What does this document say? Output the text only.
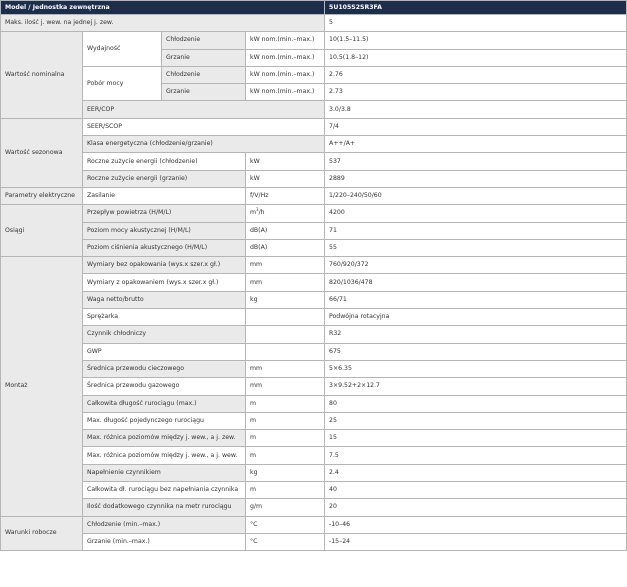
Model / Jednostka zewnętrzna				5U105S2SR3FA
Maks. ilość j. wew. na jednej j. zew.				5
Wartość nominalna	Wydajność	Chłodzenie	kW nom.(min.–max.)	10(1.5–11.5)
		Grzanie	kW nom.(min.–max.)	10.5(1.8–12)
	Pobór mocy	Chłodzenie	kW nom.(min.–max.)	2.76
		Grzanie	kW nom.(min.–max.)	2.73
	EER/COP			3.0/3.8
Wartość sezonowa	SEER/SCOP			7/4
	Klasa energetyczna (chłodzenie/grzanie)			A++/A+
	Roczne zużycie energii (chłodzenie)		kW	537
	Roczne zużycie energii (grzanie)		kW	2889
Parametry elektryczne	Zasilanie		f/V/Hz	1/220–240/50/60
Osiągi	Przepływ powietrza (H/M/L)		$m^3/h$	4200
	Poziom mocy akustycznej (H/M/L)		dB(A)	71
	Poziom ciśnienia akustycznego (H/M/L)		dB(A)	55
Montaż	Wymiary bez opakowania (wys.x szer.x gł.)		mm	760/920/372
	Wymiary z opakowaniem (wys.x szer.x gł.)		mm	820/1036/478
	Waga netto/brutto		kg	66/71
	Sprężarka			Podwójna rotacyjna
	Czynnik chłodniczy			R32
	GWP			675
	Średnica przewodu cieczowego		mm	5×6.35
	Średnica przewodu gazowego		mm	3×9.52+2×12.7
	Całkowita długość rurociągu (max.)		m	80
	Max. długość pojedynczego rurociągu		m	25
	Max. różnica poziomów między j. wew., a j. zew.		m	15
	Max. różnica poziomów między j. wew., a j. wew.		m	7.5
	Napełnienie czynnikiem		kg	2.4
	Całkowita dł. rurociągu bez napełniania czynnika		m	40
	Ilość dodatkowego czynnika na metr rurociągu		g/m	20
Warunki robocze	Chłodzenie (min.–max.)		°C	-10–46
	Grzanie (min.–max.)		°C	-15–24
